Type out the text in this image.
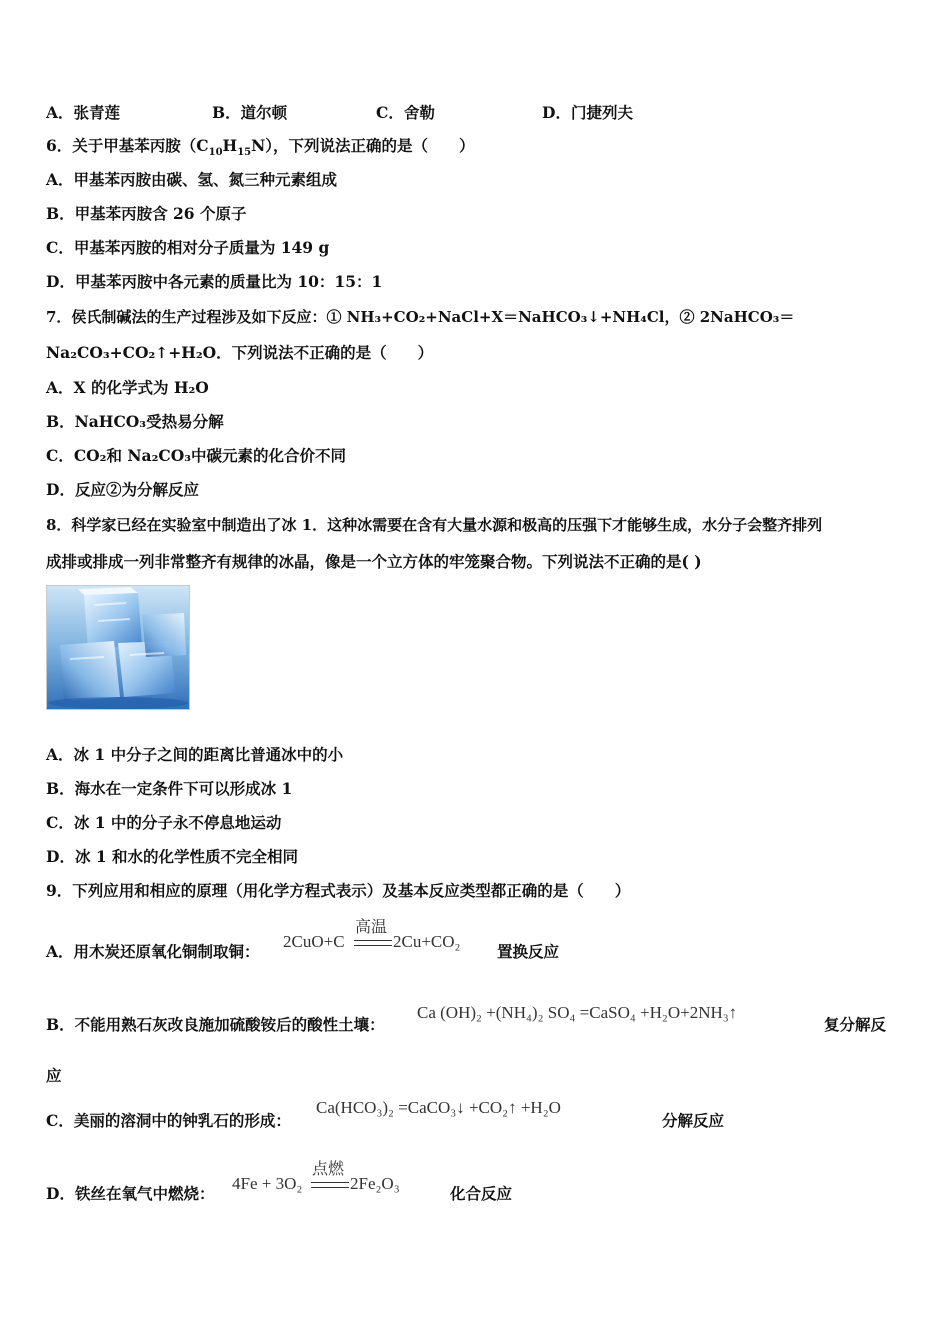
A．张青莲	B．道尔顿	C．舍勒	D．门捷列夫
6．关于甲基苯丙胺$(C_{10}H_{15}N)$，下列说法正确的是（　　）
A．甲基苯丙胺由碳、氢、氮三种元素组成
B．甲基苯丙胺含 26 个原子
C．甲基苯丙胺的相对分子质量为 149 g
D．甲基苯丙胺中各元素的质量比为 10：15：1
7．侯氏制碱法的生产过程涉及如下反应：① NH₃+CO₂+NaCl+X＝NaHCO₃↓+NH₄Cl，② 2NaHCO₃＝
Na₂CO₃+CO₂↑+H₂O．下列说法不正确的是（　　）
A．X 的化学式为 H₂O
B．NaHCO₃受热易分解
C．CO₂和 Na₂CO₃中碳元素的化合价不同
D．反应②为分解反应
8．科学家已经在实验室中制造出了冰 1．这种冰需要在含有大量水源和极高的压强下才能够生成，水分子会整齐排列
成排或排成一列非常整齐有规律的冰晶，像是一个立方体的牢笼聚合物。下列说法不正确的是( )
A．冰 1 中分子之间的距离比普通冰中的小
B．海水在一定条件下可以形成冰 1
C．冰 1 中的分子永不停息地运动
D．冰 1 和水的化学性质不完全相同
9．下列应用和相应的原理（用化学方程式表示）及基本反应类型都正确的是（　　）
A．用木炭还原氧化铜制取铜：
高温
2CuO+C	2Cu+CO₂
置换反应
B．不能用熟石灰改良施加硫酸铵后的酸性土壤：
Ca (OH)₂ +(NH₄)₂ SO₄ =CaSO₄ +H₂O+2NH₃↑
复分解反
应
C．美丽的溶洞中的钟乳石的形成：
Ca(HCO₃)₂ =CaCO₃↓ +CO₂↑ +H₂O
分解反应
D．铁丝在氧气中燃烧：
点燃
4Fe + 3O₂	2Fe₂O₃
化合反应
